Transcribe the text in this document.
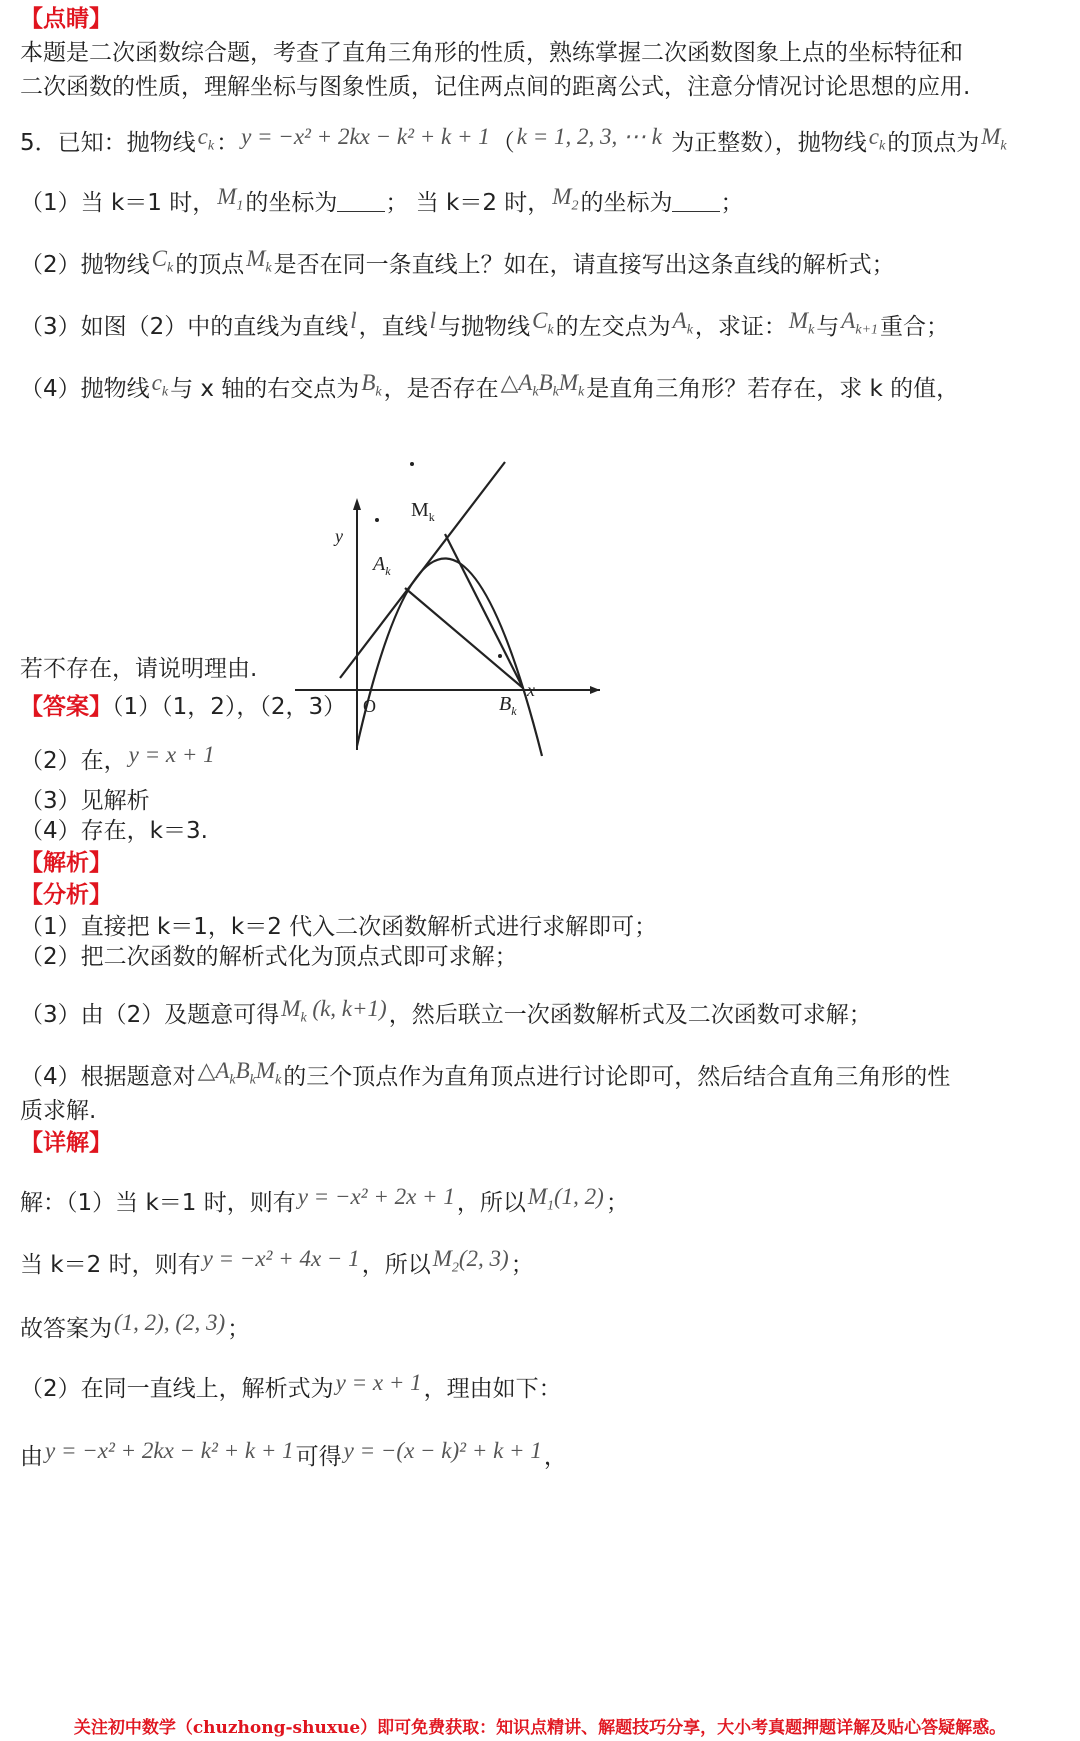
【点睛】
本题是二次函数综合题，考查了直角三角形的性质，熟练掌握二次函数图象上点的坐标特征和
二次函数的性质，理解坐标与图象性质，记住两点间的距离公式，注意分情况讨论思想的应用.
5．已知：抛物线$c_k$：y = −x² + 2kx − k² + k + 1（k = 1, 2, 3, ⋯ k 为正整数），抛物线$c_k$的顶点为$M_k$
（1）当 k＝1 时，$M_1$的坐标为 ； 当 k＝2 时，$M_2$的坐标为 ；
（2）抛物线$C_k$的顶点$M_k$是否在同一条直线上？如在，请直接写出这条直线的解析式；
（3）如图（2）中的直线为直线l，直线l与抛物线$C_k$的左交点为$A_k$，求证：$M_k$与$A_{k+1}$重合；
（4）抛物线$c_k$与 x 轴的右交点为$B_k$，是否存在$\triangle A_kB_kM_k$是直角三角形？若存在，求 k 的值，
$M_k$
$A_k$
$B_k$
x
y
O
若不存在，请说明理由.
【答案】（1）（1，2），（2，3）
（2）在，y = x + 1
（3）见解析
（4）存在，k＝3.
【解析】
【分析】
（1）直接把 k＝1，k＝2 代入二次函数解析式进行求解即可；
（2）把二次函数的解析式化为顶点式即可求解；
（3）由（2）及题意可得$M_k$ (k, k+1)，然后联立一次函数解析式及二次函数可求解；
（4）根据题意对$\triangle A_kB_kM_k$的三个顶点作为直角顶点进行讨论即可，然后结合直角三角形的性
质求解.
【详解】
解：（1）当 k＝1 时，则有y = −x² + 2x + 1，所以$M_1(1$, 2)；
当 k＝2 时，则有y = −x² + 4x − 1，所以$M_2(2$, 3)；
故答案为(1, 2), (2, 3)；
（2）在同一直线上，解析式为y = x + 1，理由如下：
由y = −x² + 2kx − k² + k + 1可得y = −(x − k)² + k + 1，
关注初中数学（chuzhong-shuxue）即可免费获取：知识点精讲、解题技巧分享，大小考真题押题详解及贴心答疑解惑。
